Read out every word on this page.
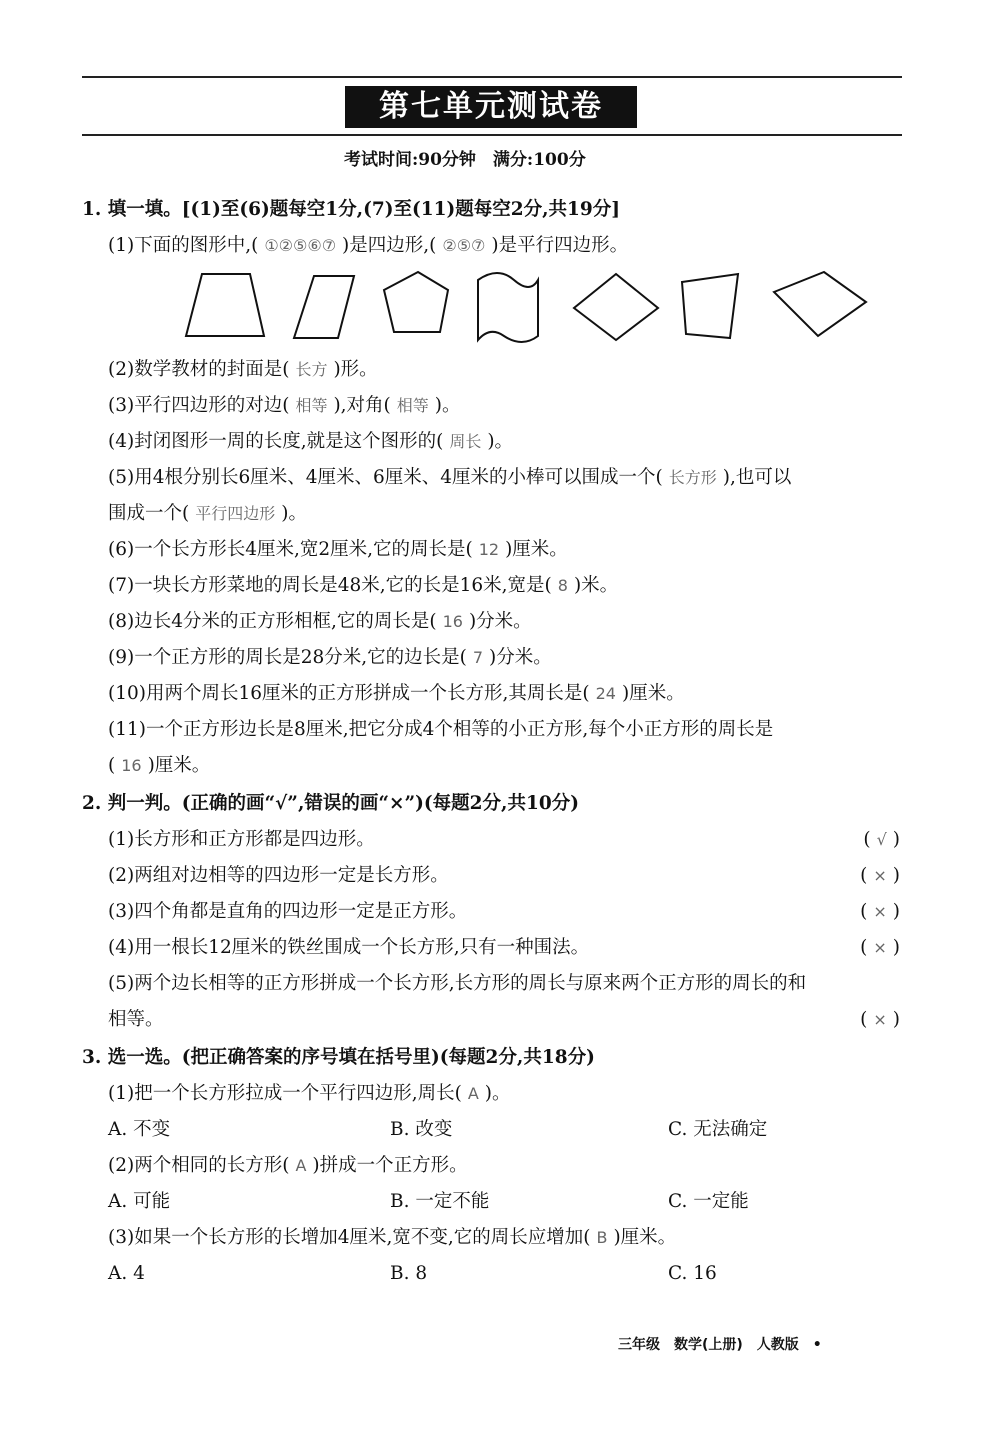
第七单元测试卷
考试时间:90分钟　满分:100分
1. 填一填。[(1)至(6)题每空1分,(7)至(11)题每空2分,共19分]
(1)下面的图形中,( ①②⑤⑥⑦ )是四边形,( ②⑤⑦ )是平行四边形。
(2)数学教材的封面是( 长方 )形。
(3)平行四边形的对边( 相等 ),对角( 相等 )。
(4)封闭图形一周的长度,就是这个图形的( 周长 )。
(5)用4根分别长6厘米、4厘米、6厘米、4厘米的小棒可以围成一个( 长方形 ),也可以
围成一个( 平行四边形 )。
(6)一个长方形长4厘米,宽2厘米,它的周长是( 12 )厘米。
(7)一块长方形菜地的周长是48米,它的长是16米,宽是( 8 )米。
(8)边长4分米的正方形相框,它的周长是( 16 )分米。
(9)一个正方形的周长是28分米,它的边长是( 7 )分米。
(10)用两个周长16厘米的正方形拼成一个长方形,其周长是( 24 )厘米。
(11)一个正方形边长是8厘米,把它分成4个相等的小正方形,每个小正方形的周长是
( 16 )厘米。
2. 判一判。(正确的画“√”,错误的画“×”)(每题2分,共10分)
(1)长方形和正方形都是四边形。	( √ )
(2)两组对边相等的四边形一定是长方形。	( × )
(3)四个角都是直角的四边形一定是正方形。	( × )
(4)用一根长12厘米的铁丝围成一个长方形,只有一种围法。	( × )
(5)两个边长相等的正方形拼成一个长方形,长方形的周长与原来两个正方形的周长的和
相等。	( × )
3. 选一选。(把正确答案的序号填在括号里)(每题2分,共18分)
(1)把一个长方形拉成一个平行四边形,周长( A )。
A. 不变	B. 改变	C. 无法确定
(2)两个相同的长方形( A )拼成一个正方形。
A. 可能	B. 一定不能	C. 一定能
(3)如果一个长方形的长增加4厘米,宽不变,它的周长应增加( B )厘米。
A. 4	B. 8	C. 16
三年级　数学(上册)　人教版　•
